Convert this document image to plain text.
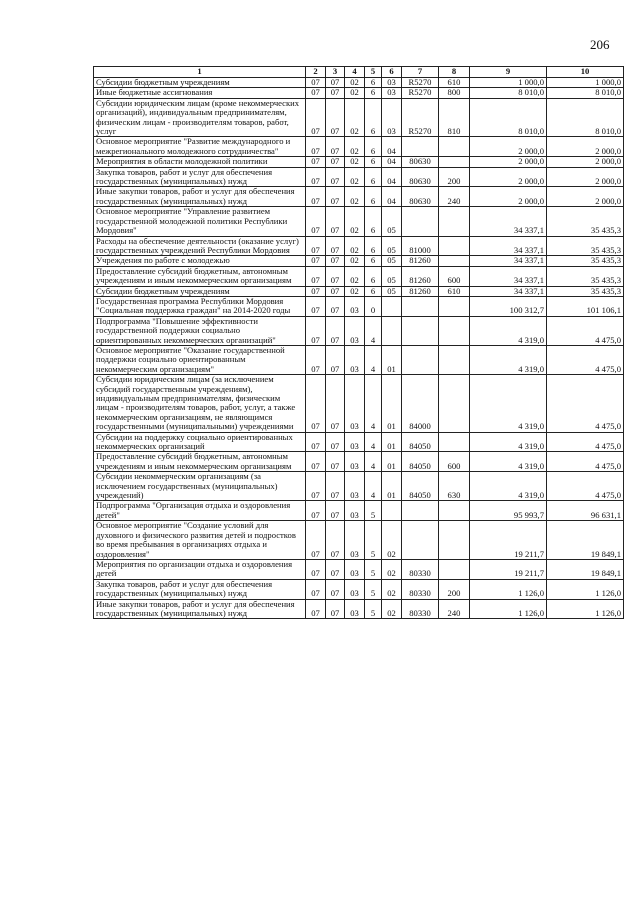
206
1	2	3	4	5	6	7	8	9	10
Субсидии бюджетным учреждениям	07	07	02	6	03	R5270	610	1 000,0	1 000,0
Иные бюджетные ассигнования	07	07	02	6	03	R5270	800	8 010,0	8 010,0
Субсидии юридическим лицам (кроме некоммерческих организаций), индивидуальным предпринимателям, физическим лицам - производителям товаров, работ, услуг	07	07	02	6	03	R5270	810	8 010,0	8 010,0
Основное мероприятие "Развитие международного и межрегионального молодежного сотрудничества"	07	07	02	6	04			2 000,0	2 000,0
Мероприятия в области молодежной политики	07	07	02	6	04	80630		2 000,0	2 000,0
Закупка товаров, работ и услуг для обеспечения государственных (муниципальных) нужд	07	07	02	6	04	80630	200	2 000,0	2 000,0
Иные закупки товаров, работ и услуг для обеспечения государственных (муниципальных) нужд	07	07	02	6	04	80630	240	2 000,0	2 000,0
Основное мероприятие "Управление развитием государственной молодежной политики Республики Мордовия"	07	07	02	6	05			34 337,1	35 435,3
Расходы на обеспечение деятельности (оказание услуг) государственных учреждений Республики Мордовия	07	07	02	6	05	81000		34 337,1	35 435,3
Учреждения по работе с молодежью	07	07	02	6	05	81260		34 337,1	35 435,3
Предоставление субсидий бюджетным, автономным учреждениям и иным некоммерческим организациям	07	07	02	6	05	81260	600	34 337,1	35 435,3
Субсидии бюджетным учреждениям	07	07	02	6	05	81260	610	34 337,1	35 435,3
Государственная программа Республики Мордовия "Социальная поддержка граждан" на 2014-2020 годы	07	07	03	0				100 312,7	101 106,1
Подпрограмма "Повышение эффективности государственной поддержки социально ориентированных некоммерческих организаций"	07	07	03	4				4 319,0	4 475,0
Основное мероприятие "Оказание государственной поддержки социально ориентированным некоммерческим организациям"	07	07	03	4	01			4 319,0	4 475,0
Субсидии юридическим лицам (за исключением субсидий государственным учреждениям), индивидуальным предпринимателям, физическим лицам - производителям товаров, работ, услуг, а также некоммерческим организациям, не являющимся государственными (муниципальными) учреждениями	07	07	03	4	01	84000		4 319,0	4 475,0
Субсидии на поддержку социально ориентированных некоммерческих организаций	07	07	03	4	01	84050		4 319,0	4 475,0
Предоставление субсидий бюджетным, автономным учреждениям и иным некоммерческим организациям	07	07	03	4	01	84050	600	4 319,0	4 475,0
Субсидии некоммерческим организациям (за исключением государственных (муниципальных) учреждений)	07	07	03	4	01	84050	630	4 319,0	4 475,0
Подпрограмма "Организация отдыха и оздоровления детей"	07	07	03	5				95 993,7	96 631,1
Основное мероприятие "Создание условий для духовного и физического развития детей и подростков во время пребывания в организациях отдыха и оздоровления"	07	07	03	5	02			19 211,7	19 849,1
Мероприятия по организации отдыха и оздоровления детей	07	07	03	5	02	80330		19 211,7	19 849,1
Закупка товаров, работ и услуг для обеспечения государственных (муниципальных) нужд	07	07	03	5	02	80330	200	1 126,0	1 126,0
Иные закупки товаров, работ и услуг для обеспечения государственных (муниципальных) нужд	07	07	03	5	02	80330	240	1 126,0	1 126,0
